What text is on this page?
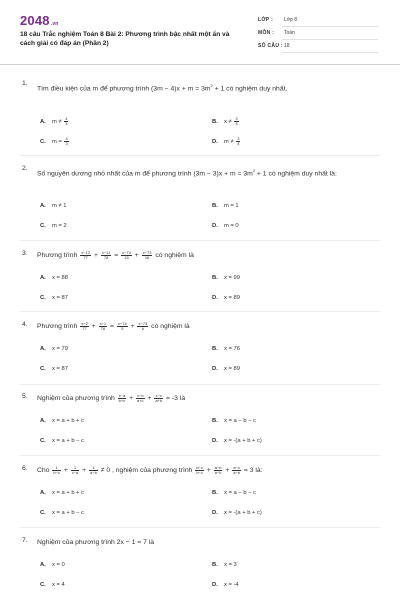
2048.vn
18 câu Trắc nghiệm Toán 8 Bài 2: Phương trình bậc nhất một ẩn và cách giải có đáp án (Phần 2)
LỚP : Lớp 8
MÔN : Toán
SỐ CÂU : 18
1.
Tìm điều kiện của m để phương trình $(3m - 4)x + m = 3m^2 + 1$ có nghiệm duy nhất.
A. $m \ne \frac{4}{3}$	B. $x \ne \frac{3}{4}$
C. $m = \frac{4}{3}$	D. $m \ne \frac{3}{4}$
2.
Số nguyên dương nhỏ nhất của m để phương trình $(3m - 3)x + m = 3m^2 + 1$ có nghiệm duy nhất là:
A. m ≠ 1	B. m = 1
C. m = 2	D. m = 0
3. Phương trình $\frac{x-12}{77} + \frac{x-11}{78} = \frac{x-74}{15} + \frac{x-73}{16}$ có nghiệm là
A. x = 88	B. x = 99
C. x = 87	D. x = 89
4. Phương trình $\frac{x-2}{77} + \frac{x-1}{78} = \frac{x-74}{5} + \frac{x-73}{6}$ có nghiệm là
A. x = 79	B. x = 76
C. x = 87	D. x = 89
5. Nghiệm của phương trình $\frac{x-a}{b+c} + \frac{x-b}{a+c} + \frac{x-c}{a+b} = -3$ là
A. x = a + b + c	B. x = a − b − c
C. x = a + b − c	D. x = -(a + b + c)
6. Cho $\frac{1}{b-c} + \frac{1}{c-a} + \frac{1}{a-b} \ne 0$ , nghiệm của phương trình $\frac{b-c}{b-c} + \frac{a-b}{a-b} + \frac{a-c}{a-b} = 3$ là:
A. x = a + b + c	B. x = a − b − c
C. x = a + b − c	D. x = -(a + b + c)
7. Nghiệm của phương trình 2x − 1 = 7 là
A. x = 0	B. x = 3
C. x = 4	D. x = -4
